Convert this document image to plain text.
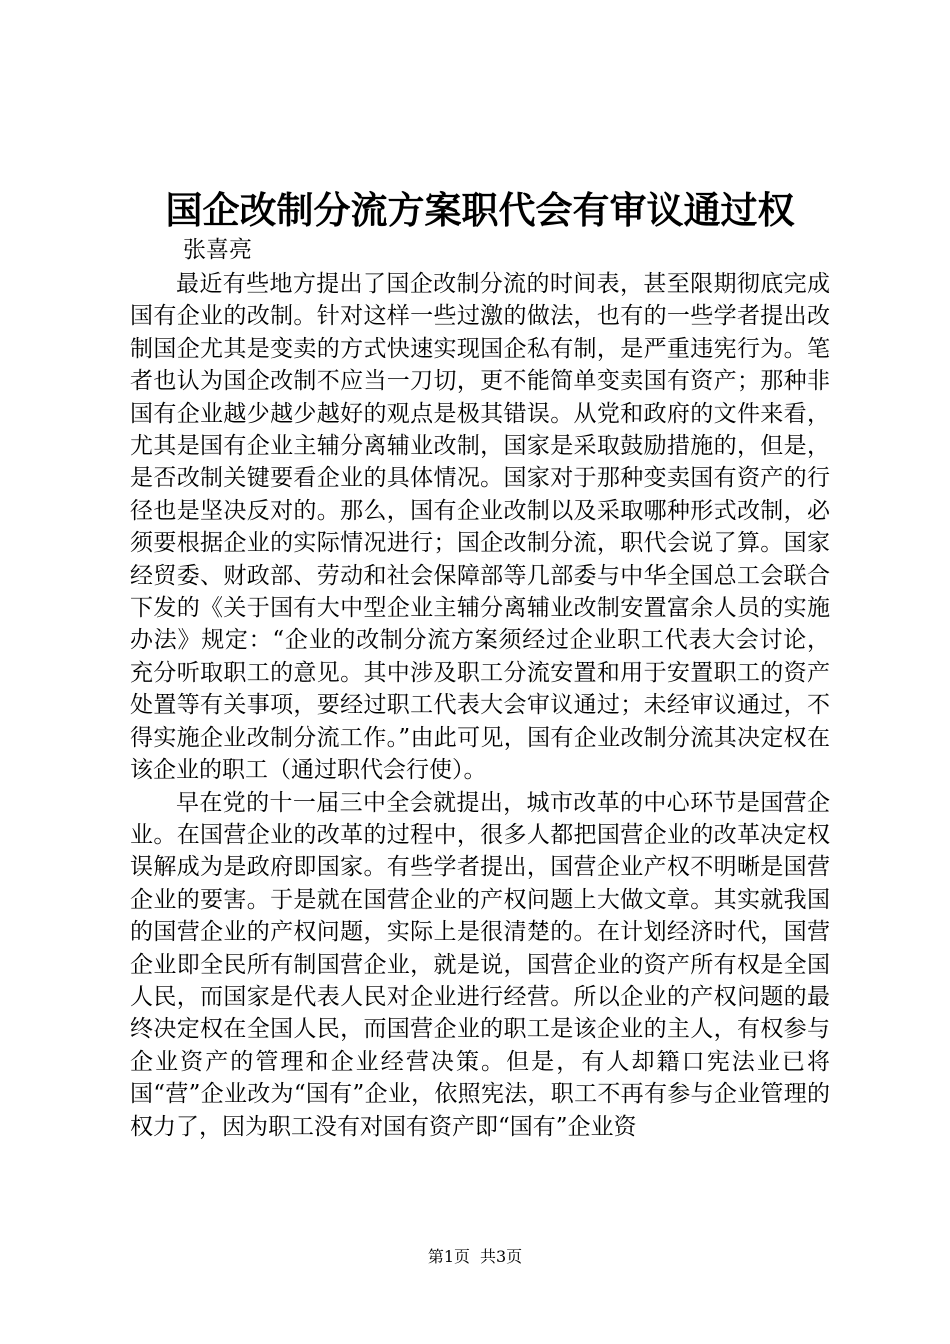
国企改制分流方案职代会有审议通过权

张喜亮

最近有些地方提出了国企改制分流的时间表，甚至限期彻底完成国有企业的改制。针对这样一些过激的做法，也有的一些学者提出改制国企尤其是变卖的方式快速实现国企私有制，是严重违宪行为。笔者也认为国企改制不应当一刀切，更不能简单变卖国有资产；那种非国有企业越少越少越好的观点是极其错误。从党和政府的文件来看，尤其是国有企业主辅分离辅业改制，国家是采取鼓励措施的，但是，是否改制关键要看企业的具体情况。国家对于那种变卖国有资产的行径也是坚决反对的。那么，国有企业改制以及采取哪种形式改制，必须要根据企业的实际情况进行；国企改制分流，职代会说了算。国家经贸委、财政部、劳动和社会保障部等几部委与中华全国总工会联合下发的《关于国有大中型企业主辅分离辅业改制安置富余人员的实施办法》规定：“企业的改制分流方案须经过企业职工代表大会讨论，充分听取职工的意见。其中涉及职工分流安置和用于安置职工的资产处置等有关事项，要经过职工代表大会审议通过；未经审议通过，不得实施企业改制分流工作。”由此可见，国有企业改制分流其决定权在该企业的职工（通过职代会行使）。

早在党的十一届三中全会就提出，城市改革的中心环节是国营企业。在国营企业的改革的过程中，很多人都把国营企业的改革决定权误解成为是政府即国家。有些学者提出，国营企业产权不明晰是国营企业的要害。于是就在国营企业的产权问题上大做文章。其实就我国的国营企业的产权问题，实际上是很清楚的。在计划经济时代，国营企业即全民所有制国营企业，就是说，国营企业的资产所有权是全国人民，而国家是代表人民对企业进行经营。所以企业的产权问题的最终决定权在全国人民，而国营企业的职工是该企业的主人，有权参与企业资产的管理和企业经营决策。但是，有人却籍口宪法业已将国“营”企业改为“国有”企业，依照宪法，职工不再有参与企业管理的权力了，因为职工没有对国有资产即“国有”企业资

第1页 共3页
